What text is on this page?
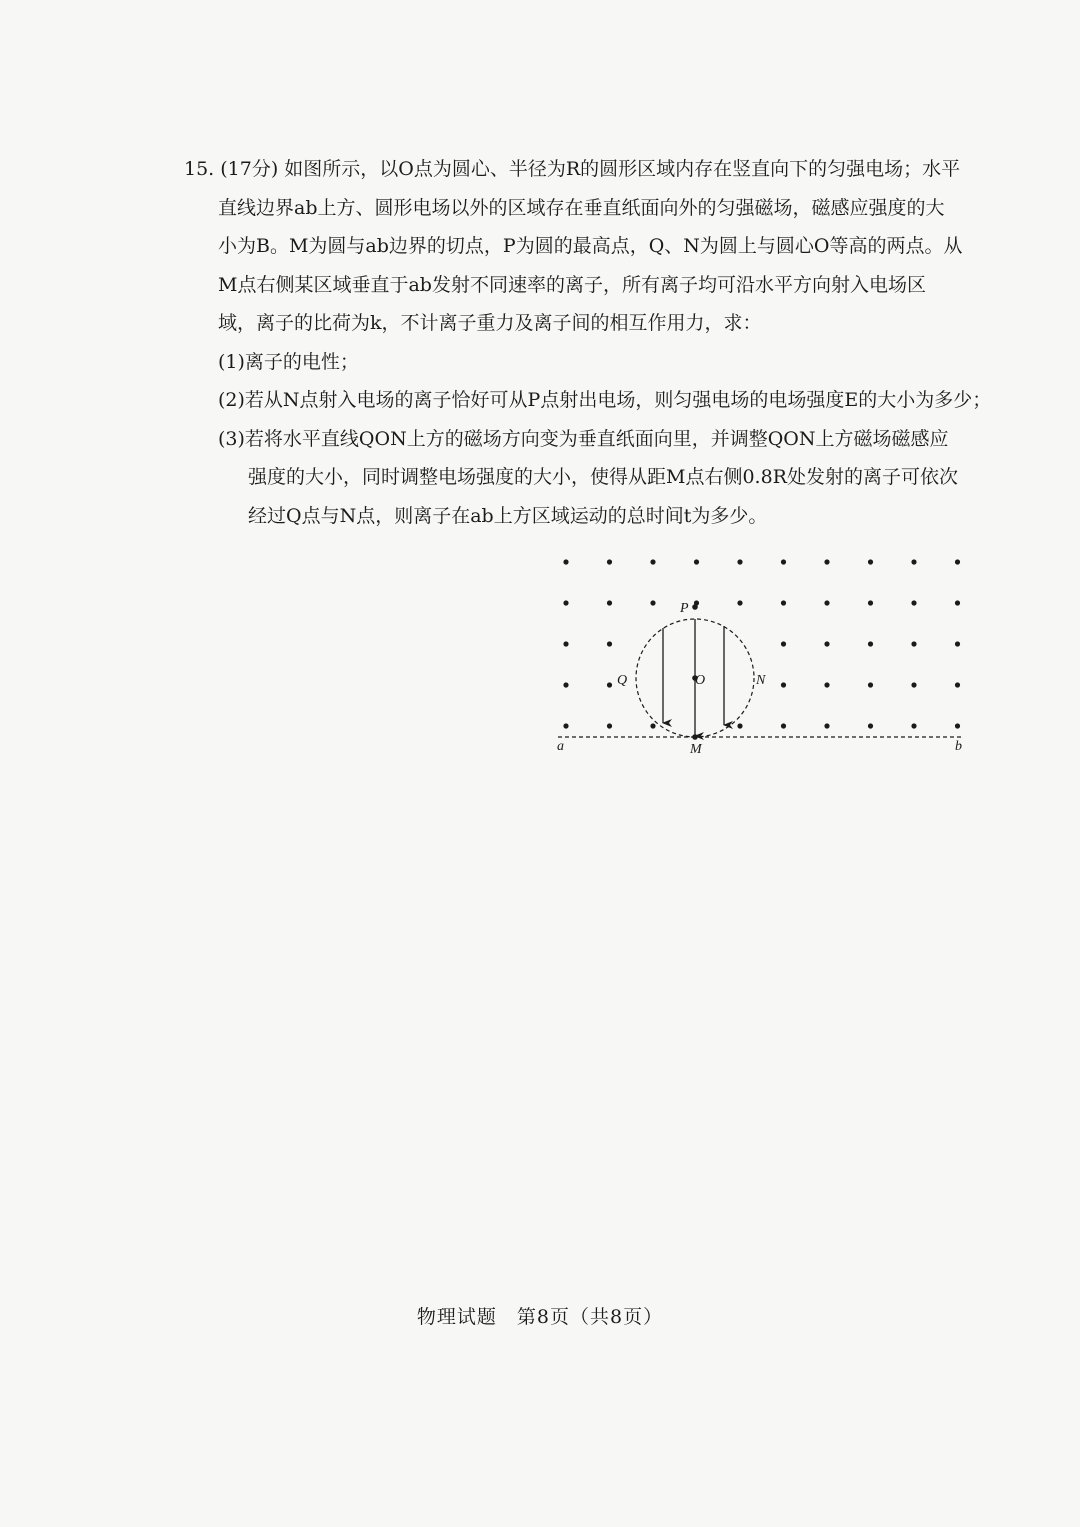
15. (17分) 如图所示，以O点为圆心、半径为R的圆形区域内存在竖直向下的匀强电场；水平
直线边界ab上方、圆形电场以外的区域存在垂直纸面向外的匀强磁场，磁感应强度的大
小为B。M为圆与ab边界的切点，P为圆的最高点，Q、N为圆上与圆心O等高的两点。从
M点右侧某区域垂直于ab发射不同速率的离子，所有离子均可沿水平方向射入电场区
域，离子的比荷为k，不计离子重力及离子间的相互作用力，求：
(1)离子的电性；
(2)若从N点射入电场的离子恰好可从P点射出电场，则匀强电场的电场强度E的大小为多少；
(3)若将水平直线QON上方的磁场方向变为垂直纸面向里，并调整QON上方磁场磁感应
强度的大小，同时调整电场强度的大小，使得从距M点右侧0.8R处发射的离子可依次
经过Q点与N点，则离子在ab上方区域运动的总时间t为多少。
P
Q	O	N
M
a	b
物理试题　第8页（共8页）
